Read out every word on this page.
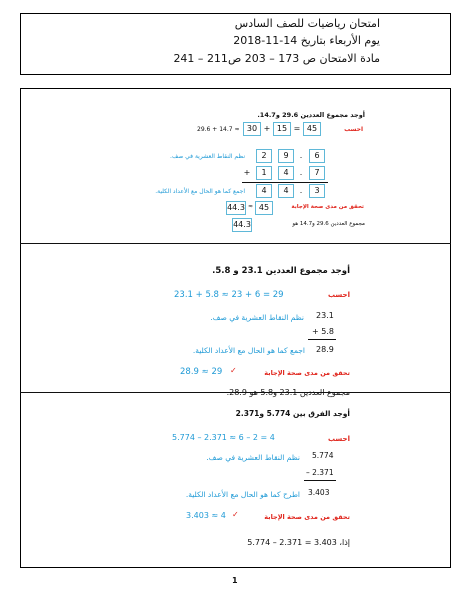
امتحان رياضيات للصف السادس
يوم الأربعاء بتاريخ 14-11-2018
مادة الامتحان ص 173 – 203 ص211 – 241
أوجد مجموع العددين 29.6 و14.7.
احسب
29.6 + 14.7 ≈ 30 + 15 = 45
نظم النقاط العشرية في صف.	2	9	.	6
+	1	4	.	7
اجمع كما هو الحال مع الأعداد الكلية.	4	4	.	3
44.3 ≈ 45	تحقق من مدى صحة الإجابة
مجموع العددين 29.6 و14.7 هو
44.3
أوجد مجموع العددين 23.1 و 5.8.
احسب
23.1 + 5.8 ≈ 23 + 6 = 29
نظم النقاط العشرية في صف. 23.1
+ 5.8
اجمع كما هو الحال مع الأعداد الكلية. 28.9
تحقق من مدى صحة الإجابة
✓
28.9 ≈ 29
مجموع العددين 23.1 و5.8 هو 28.9.
أوجد الفرق بين 5.774 و2.371
احسب
5.774 – 2.371 ≈ 6 – 2 = 4
نظم النقاط العشرية في صف. 5.774
– 2.371
اطرح كما هو الحال مع الأعداد الكلية. 3.403
تحقق من مدى صحة الإجابة
✓
3.403 ≈ 4
إذا، 3.403 = 2.371 – 5.774
1
